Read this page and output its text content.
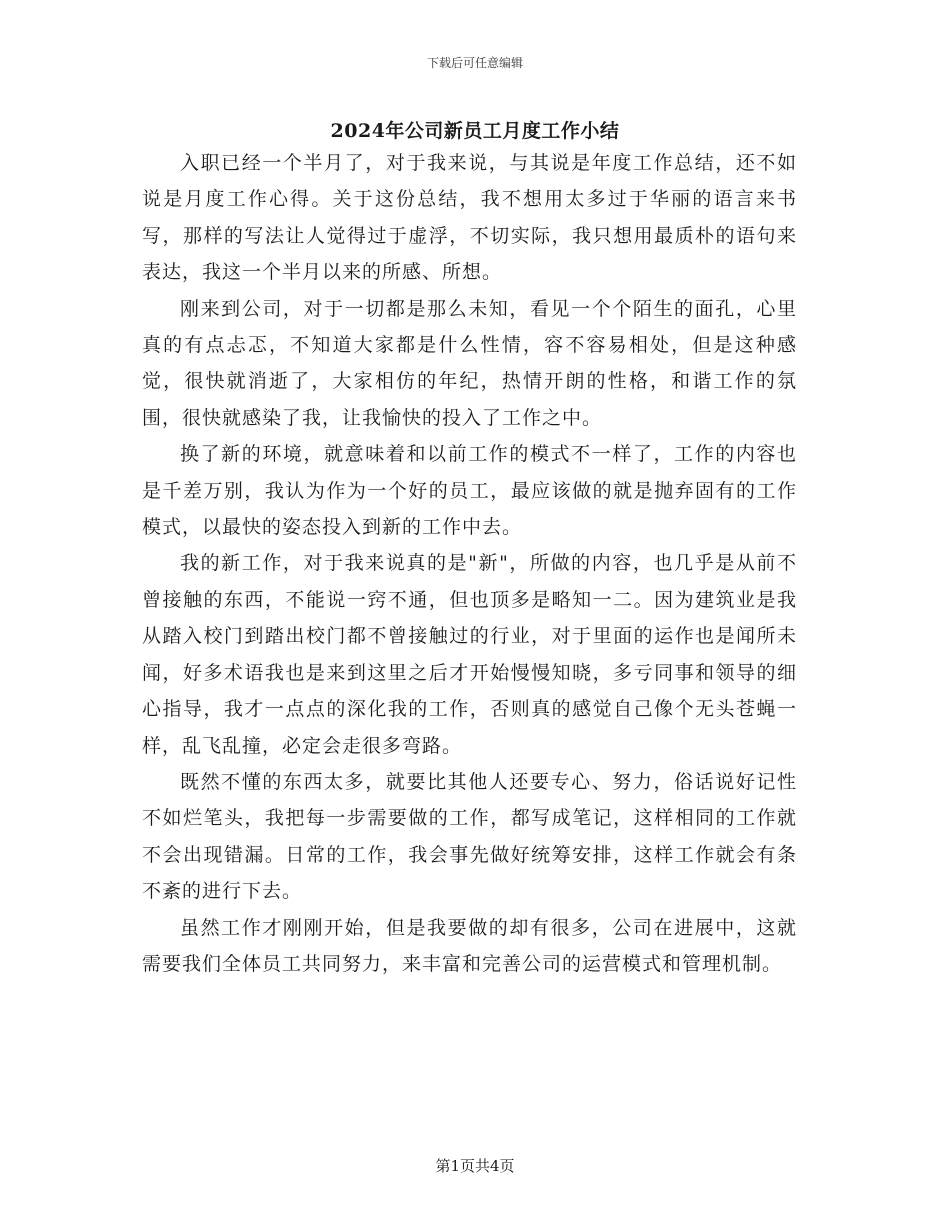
下载后可任意编辑
2024年公司新员工月度工作小结

入职已经一个半月了，对于我来说，与其说是年度工作总结，还不如说是月度工作心得。关于这份总结，我不想用太多过于华丽的语言来书写，那样的写法让人觉得过于虚浮，不切实际，我只想用最质朴的语句来表达，我这一个半月以来的所感、所想。

刚来到公司，对于一切都是那么未知，看见一个个陌生的面孔，心里真的有点忐忑，不知道大家都是什么性情，容不容易相处，但是这种感觉，很快就消逝了，大家相仿的年纪，热情开朗的性格，和谐工作的氛围，很快就感染了我，让我愉快的投入了工作之中。

换了新的环境，就意味着和以前工作的模式不一样了，工作的内容也是千差万别，我认为作为一个好的员工，最应该做的就是抛弃固有的工作模式，以最快的姿态投入到新的工作中去。

我的新工作，对于我来说真的是"新"，所做的内容，也几乎是从前不曾接触的东西，不能说一窍不通，但也顶多是略知一二。因为建筑业是我从踏入校门到踏出校门都不曾接触过的行业，对于里面的运作也是闻所未闻，好多术语我也是来到这里之后才开始慢慢知晓，多亏同事和领导的细心指导，我才一点点的深化我的工作，否则真的感觉自己像个无头苍蝇一样，乱飞乱撞，必定会走很多弯路。

既然不懂的东西太多，就要比其他人还要专心、努力，俗话说好记性不如烂笔头，我把每一步需要做的工作，都写成笔记，这样相同的工作就不会出现错漏。日常的工作，我会事先做好统筹安排，这样工作就会有条不紊的进行下去。

虽然工作才刚刚开始，但是我要做的却有很多，公司在进展中，这就需要我们全体员工共同努力，来丰富和完善公司的运营模式和管理机制。

第1页共4页
